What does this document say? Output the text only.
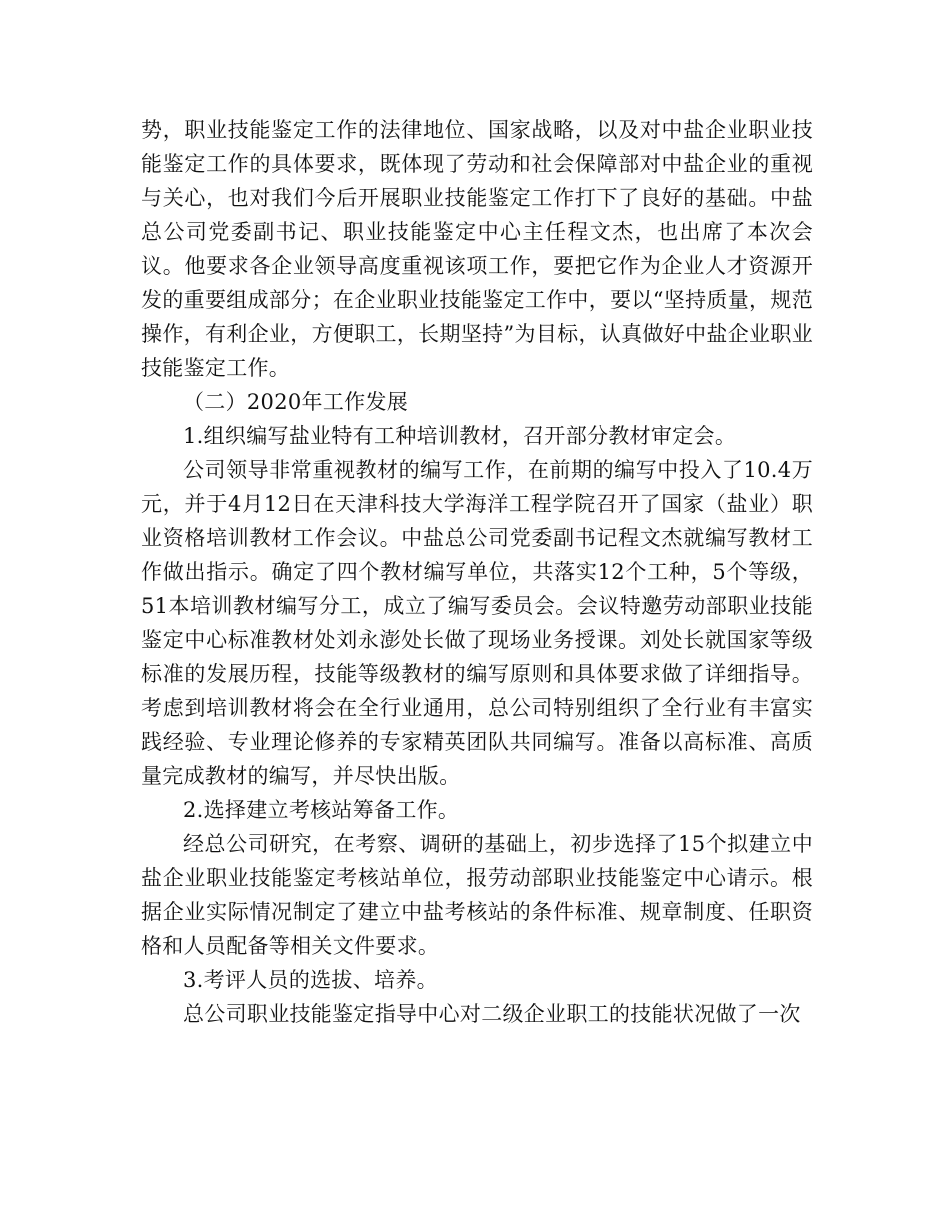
势，职业技能鉴定工作的法律地位、国家战略，以及对中盐企业职业技能鉴定工作的具体要求，既体现了劳动和社会保障部对中盐企业的重视与关心，也对我们今后开展职业技能鉴定工作打下了良好的基础。中盐总公司党委副书记、职业技能鉴定中心主任程文杰，也出席了本次会议。他要求各企业领导高度重视该项工作，要把它作为企业人才资源开发的重要组成部分；在企业职业技能鉴定工作中，要以“坚持质量，规范操作，有利企业，方便职工，长期坚持”为目标，认真做好中盐企业职业技能鉴定工作。

（二）2020年工作发展

1.组织编写盐业特有工种培训教材，召开部分教材审定会。

公司领导非常重视教材的编写工作，在前期的编写中投入了10.4万元，并于4月12日在天津科技大学海洋工程学院召开了国家（盐业）职业资格培训教材工作会议。中盐总公司党委副书记程文杰就编写教材工作做出指示。确定了四个教材编写单位，共落实12个工种，5个等级，51本培训教材编写分工，成立了编写委员会。会议特邀劳动部职业技能鉴定中心标准教材处刘永澎处长做了现场业务授课。刘处长就国家等级标准的发展历程，技能等级教材的编写原则和具体要求做了详细指导。考虑到培训教材将会在全行业通用，总公司特别组织了全行业有丰富实践经验、专业理论修养的专家精英团队共同编写。准备以高标准、高质量完成教材的编写，并尽快出版。

2.选择建立考核站筹备工作。

经总公司研究，在考察、调研的基础上，初步选择了15个拟建立中盐企业职业技能鉴定考核站单位，报劳动部职业技能鉴定中心请示。根据企业实际情况制定了建立中盐考核站的条件标准、规章制度、任职资格和人员配备等相关文件要求。

3.考评人员的选拔、培养。

总公司职业技能鉴定指导中心对二级企业职工的技能状况做了一次
